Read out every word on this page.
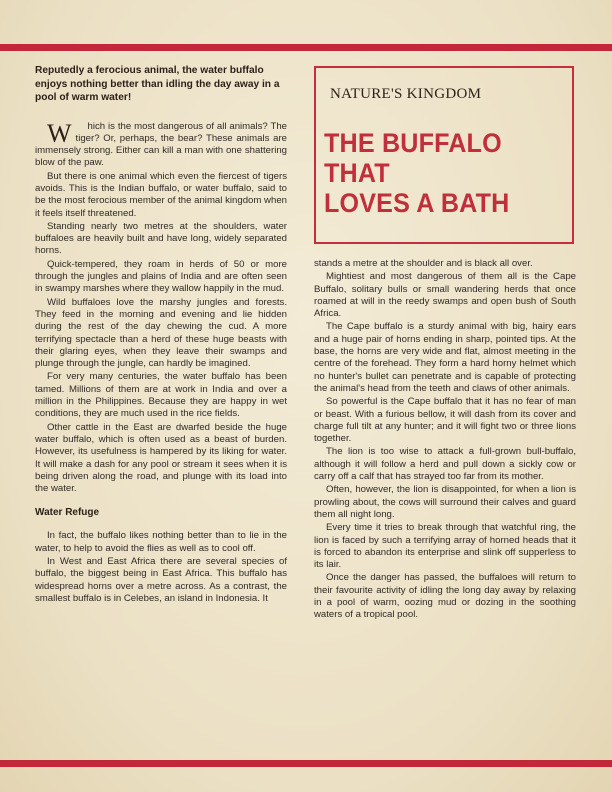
Reputedly a ferocious animal, the water buffalo enjoys nothing better than idling the day away in a pool of warm water!

Which is the most dangerous of all animals? The tiger? Or, perhaps, the bear? These animals are immensely strong. Either can kill a man with one shattering blow of the paw.

But there is one animal which even the fiercest of tigers avoids. This is the Indian buffalo, or water buffalo, said to be the most ferocious member of the animal kingdom when it feels itself threatened.

Standing nearly two metres at the shoulders, water buffaloes are heavily built and have long, widely separated horns.

Quick-tempered, they roam in herds of 50 or more through the jungles and plains of India and are often seen in swampy marshes where they wallow happily in the mud.

Wild buffaloes love the marshy jungles and forests. They feed in the morning and evening and lie hidden during the rest of the day chewing the cud. A more terrifying spectacle than a herd of these huge beasts with their glaring eyes, when they leave their swamps and plunge through the jungle, can hardly be imagined.

For very many centuries, the water buffalo has been tamed. Millions of them are at work in India and over a million in the Philippines. Because they are happy in wet conditions, they are much used in the rice fields.

Other cattle in the East are dwarfed beside the huge water buffalo, which is often used as a beast of burden. However, its usefulness is hampered by its liking for water. It will make a dash for any pool or stream it sees when it is being driven along the road, and plunge with its load into the water.

Water Refuge

In fact, the buffalo likes nothing better than to lie in the water, to help to avoid the flies as well as to cool off.

In West and East Africa there are several species of buffalo, the biggest being in East Africa. This buffalo has widespread horns over a metre across. As a contrast, the smallest buffalo is in Celebes, an island in Indonesia. It

NATURE'S KINGDOM
THE BUFFALO THAT
LOVES A BATH

stands a metre at the shoulder and is black all over.

Mightiest and most dangerous of them all is the Cape Buffalo, solitary bulls or small wandering herds that once roamed at will in the reedy swamps and open bush of South Africa.

The Cape buffalo is a sturdy animal with big, hairy ears and a huge pair of horns ending in sharp, pointed tips. At the base, the horns are very wide and flat, almost meeting in the centre of the forehead. They form a hard horny helmet which no hunter's bullet can penetrate and is capable of protecting the animal's head from the teeth and claws of other animals.

So powerful is the Cape buffalo that it has no fear of man or beast. With a furious bellow, it will dash from its cover and charge full tilt at any hunter; and it will fight two or three lions together.

The lion is too wise to attack a full-grown bull-buffalo, although it will follow a herd and pull down a sickly cow or carry off a calf that has strayed too far from its mother.

Often, however, the lion is disappointed, for when a lion is prowling about, the cows will surround their calves and guard them all night long.

Every time it tries to break through that watchful ring, the lion is faced by such a terrifying array of horned heads that it is forced to abandon its enterprise and slink off supperless to its lair.

Once the danger has passed, the buffaloes will return to their favourite activity of idling the long day away by relaxing in a pool of warm, oozing mud or dozing in the soothing waters of a tropical pool.
